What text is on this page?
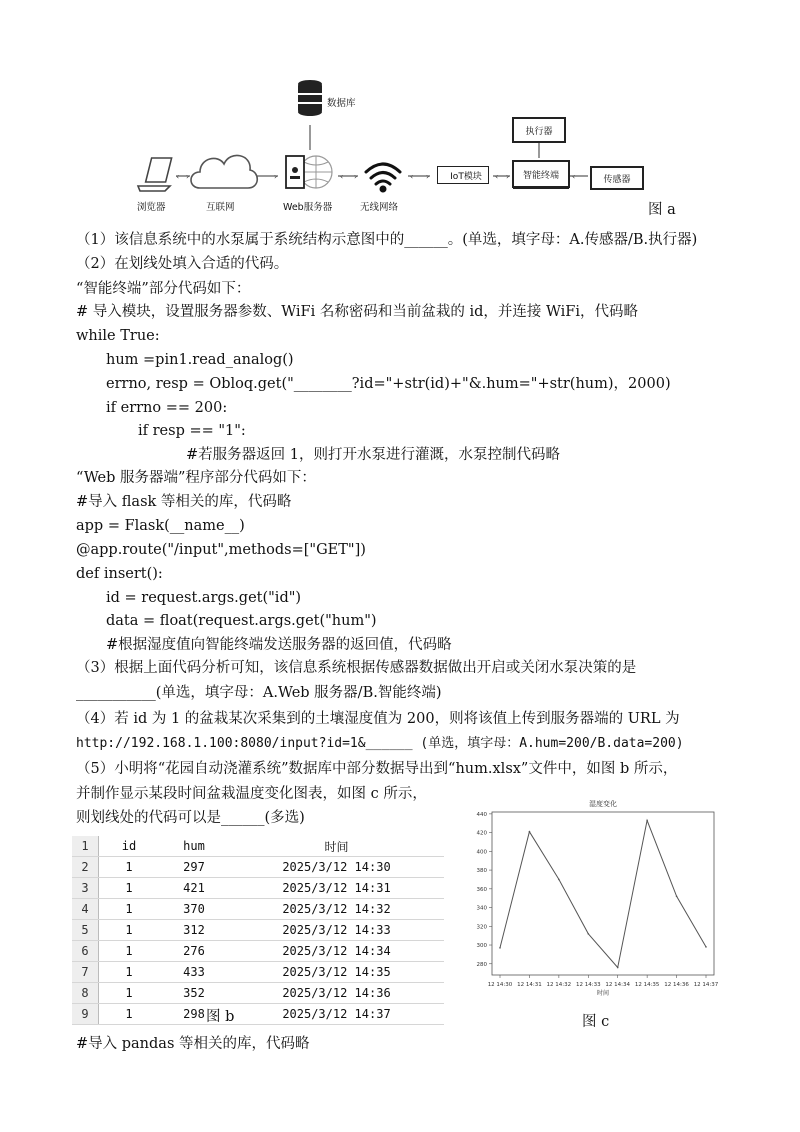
‹ ›	›	‹ ›	‹ ›	‹ ›	‹
数据库
浏览器	互联网	Web服务器	无线网络
IoT模块
执行器
智能终端	传感器
图 a
（1）该信息系统中的水泵属于系统结构示意图中的______。(单选，填字母：A.传感器/B.执行器)
（2）在划线处填入合适的代码。
“智能终端”部分代码如下：
# 导入模块，设置服务器参数、WiFi 名称密码和当前盆栽的 id，并连接 WiFi，代码略
while True:
hum =pin1.read_analog()
errno, resp = Obloq.get("________?id="+str(id)+"&.hum="+str(hum)，2000)
if errno == 200:
if resp == "1":
#若服务器返回 1，则打开水泵进行灌溉，水泵控制代码略
“Web 服务器端”程序部分代码如下：
#导入 flask 等相关的库，代码略
app = Flask(__name__)
@app.route("/input",methods=["GET"])
def insert():
id = request.args.get("id")
data = float(request.args.get("hum")
#根据湿度值向智能终端发送服务器的返回值，代码略
（3）根据上面代码分析可知，该信息系统根据传感器数据做出开启或关闭水泵决策的是
___________(单选，填字母：A.Web 服务器/B.智能终端)
（4）若 id 为 1 的盆栽某次采集到的土壤湿度值为 200，则将该值上传到服务器端的 URL 为
http://192.168.1.100:8080/input?id=1&______ (单选，填字母：A.hum=200/B.data=200)
（5）小明将“花园自动浇灌系统”数据库中部分数据导出到“hum.xlsx”文件中，如图 b 所示，
并制作显示某段时间盆栽温度变化图表，如图 c 所示，
则划线处的代码可以是______(多选)
1	id	hum	时间
2	1	297	2025/3/12 14:30
3	1	421	2025/3/12 14:31
4	1	370	2025/3/12 14:32
5	1	312	2025/3/12 14:33
6	1	276	2025/3/12 14:34
7	1	433	2025/3/12 14:35
8	1	352	2025/3/12 14:36
9	1	298	2025/3/12 14:37
图 b
湿度变化
280
300
320
340
360
380
400
420
440
12 14:30 12 14:31 12 14:32 12 14:33 12 14:34 12 14:35 12 14:36 12 14:37
时间
图 c
#导入 pandas 等相关的库，代码略
